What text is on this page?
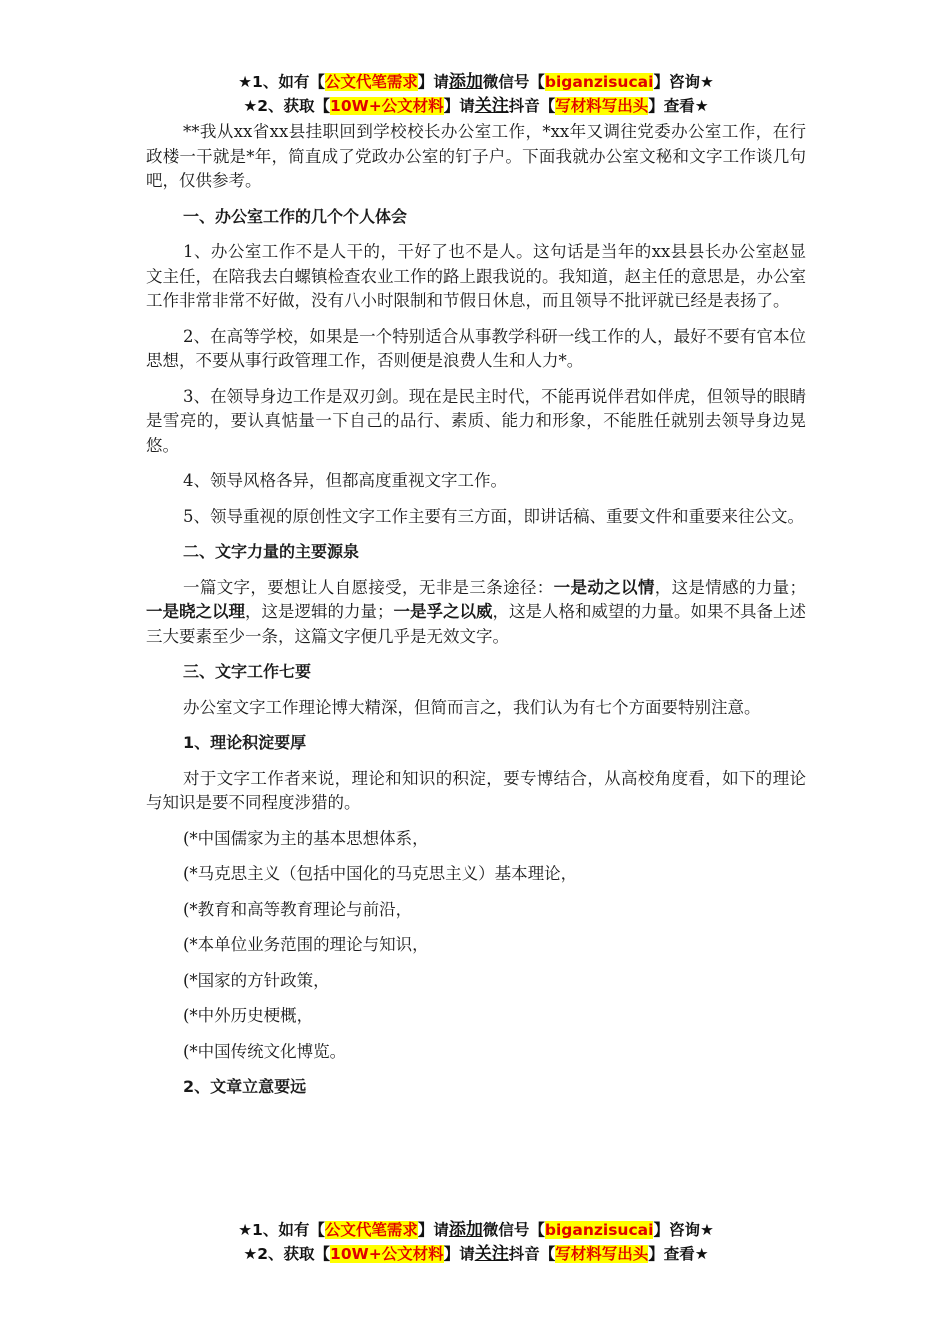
★1、如有【公文代笔需求】请添加微信号【biganzisucai】咨询★
★2、获取【10W+公文材料】请关注抖音【写材料写出头】查看★

**我从xx省xx县挂职回到学校校长办公室工作，*xx年又调往党委办公室工作，在行政楼一干就是*年，简直成了党政办公室的钉子户。下面我就办公室文秘和文字工作谈几句吧，仅供参考。

一、办公室工作的几个个人体会

1、办公室工作不是人干的，干好了也不是人。这句话是当年的xx县县长办公室赵显文主任，在陪我去白螺镇检查农业工作的路上跟我说的。我知道，赵主任的意思是，办公室工作非常非常不好做，没有八小时限制和节假日休息，而且领导不批评就已经是表扬了。

2、在高等学校，如果是一个特别适合从事教学科研一线工作的人，最好不要有官本位思想，不要从事行政管理工作，否则便是浪费人生和人力*。

3、在领导身边工作是双刃剑。现在是民主时代，不能再说伴君如伴虎，但领导的眼睛是雪亮的，要认真惦量一下自己的品行、素质、能力和形象，不能胜任就别去领导身边晃悠。

4、领导风格各异，但都高度重视文字工作。

5、领导重视的原创性文字工作主要有三方面，即讲话稿、重要文件和重要来往公文。

二、文字力量的主要源泉

一篇文字，要想让人自愿接受，无非是三条途径：一是动之以情，这是情感的力量；一是晓之以理，这是逻辑的力量；一是孚之以威，这是人格和威望的力量。如果不具备上述三大要素至少一条，这篇文字便几乎是无效文字。

三、文字工作七要

办公室文字工作理论博大精深，但简而言之，我们认为有七个方面要特别注意。

1、理论积淀要厚

对于文字工作者来说，理论和知识的积淀，要专博结合，从高校角度看，如下的理论与知识是要不同程度涉猎的。

(*中国儒家为主的基本思想体系，

(*马克思主义（包括中国化的马克思主义）基本理论，

(*教育和高等教育理论与前沿，

(*本单位业务范围的理论与知识，

(*国家的方针政策，

(*中外历史梗概，

(*中国传统文化博览。

2、文章立意要远

★1、如有【公文代笔需求】请添加微信号【biganzisucai】咨询★
★2、获取【10W+公文材料】请关注抖音【写材料写出头】查看★
